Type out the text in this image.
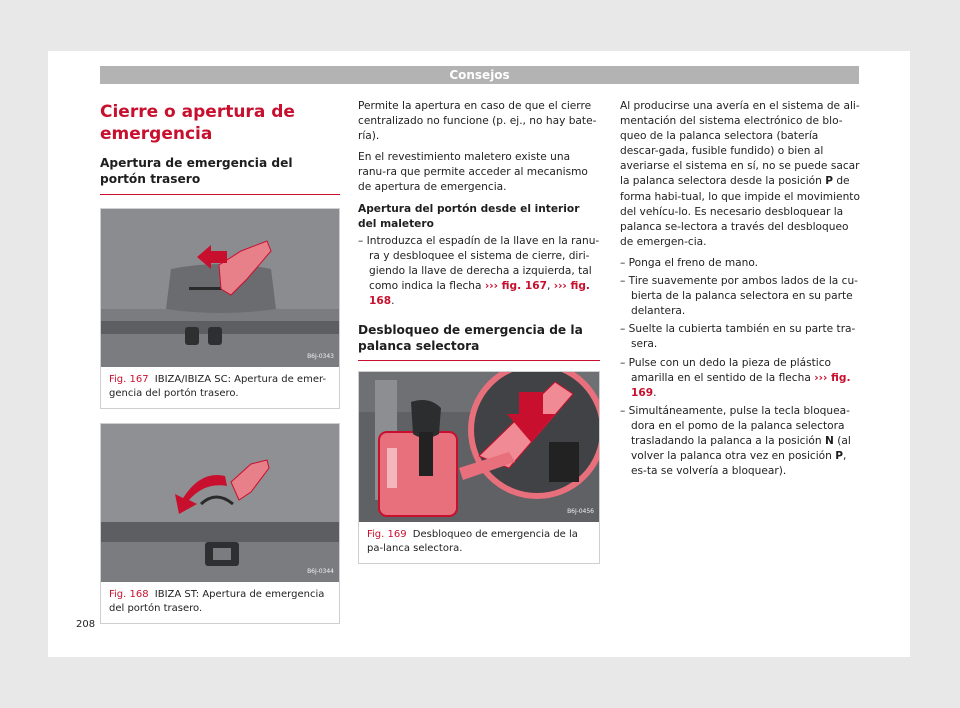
Consejos
Cierre o apertura de emergencia
Apertura de emergencia del portón trasero
B6J-0343
Fig. 167 IBIZA/IBIZA SC: Apertura de emer-gencia del portón trasero.
B6J-0344
Fig. 168 IBIZA ST: Apertura de emergencia del portón trasero.

Permite la apertura en caso de que el cierre centralizado no funcione (p. ej., no hay bate-ría).

En el revestimiento maletero existe una ranu-ra que permite acceder al mecanismo de apertura de emergencia.

Apertura del portón desde el interior del maletero

– Introduzca el espadín de la llave en la ranu-ra y desbloquee el sistema de cierre, diri-giendo la llave de derecha a izquierda, tal como indica la flecha ››› fig. 167, ››› fig. 168.
Desbloqueo de emergencia de la palanca selectora
B6J-0456
Fig. 169 Desbloqueo de emergencia de la pa-lanca selectora.

Al producirse una avería en el sistema de ali-mentación del sistema electrónico de blo-queo de la palanca selectora (batería descar-gada, fusible fundido) o bien al averiarse el sistema en sí, no se puede sacar la palanca selectora desde la posición P de forma habi-tual, lo que impide el movimiento del vehícu-lo. Es necesario desbloquear la palanca se-lectora a través del desbloqueo de emergen-cia.

– Ponga el freno de mano.
– Tire suavemente por ambos lados de la cu-bierta de la palanca selectora en su parte delantera.
– Suelte la cubierta también en su parte tra-sera.
– Pulse con un dedo la pieza de plástico amarilla en el sentido de la flecha ››› fig. 169.
– Simultáneamente, pulse la tecla bloquea-dora en el pomo de la palanca selectora trasladando la palanca a la posición N (al volver la palanca otra vez en posición P, es-ta se volvería a bloquear).
208
